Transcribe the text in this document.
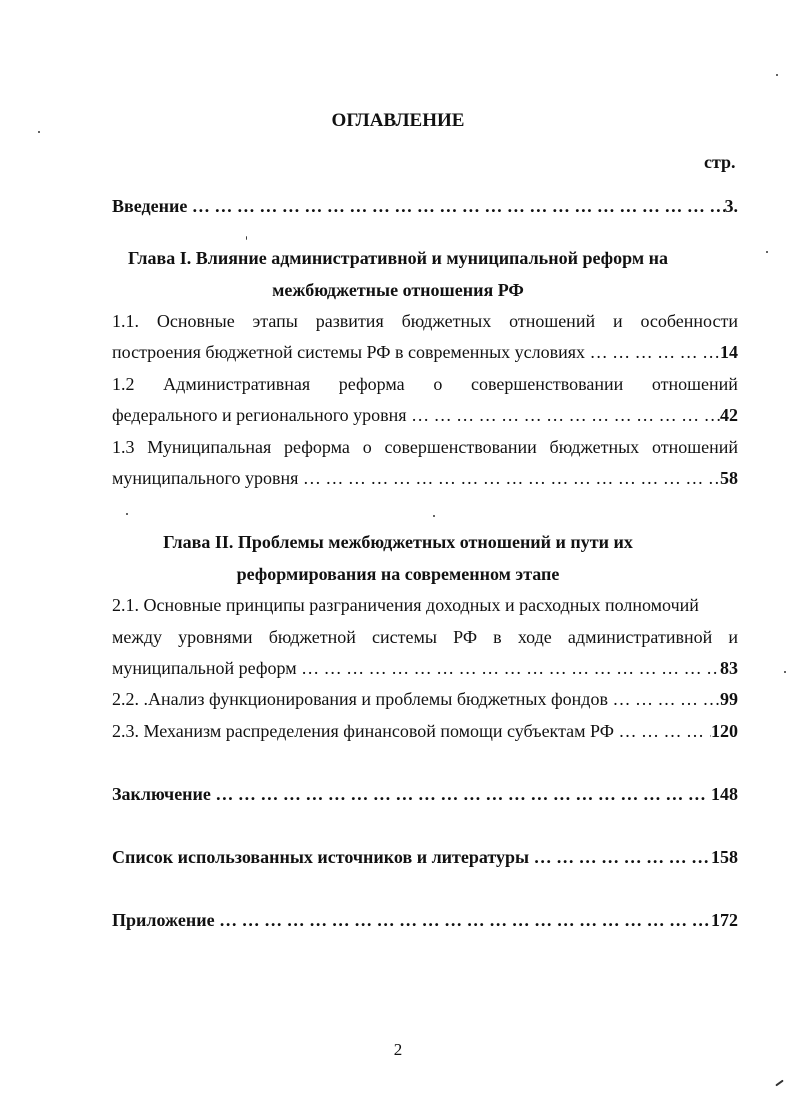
ОГЛАВЛЕНИЕ
стр.
Введение … … … … … … … … … … … … … … … … … … … … … … … … … … … … … … … … … … … … … … … … … …	3.
Глава I. Влияние административной и муниципальной реформ на
межбюджетные отношения РФ
1.1. Основные этапы развития бюджетных отношений и особенности
построения бюджетной системы РФ в современных условиях … … … … … … … … … … … … … … … … … … … … … … … … … … … … … … … … … … … … … … … … … …	14
1.2 Административная реформа о совершенствовании отношений
федерального и регионального уровня … … … … … … … … … … … … … … … … … … … … … … … … … … … … … … … … … … … … … … … … … …	42
1.3 Муниципальная реформа о совершенствовании бюджетных отношений
муниципального уровня … … … … … … … … … … … … … … … … … … … … … … … … … … … … … … … … … … … … … … … … … …	58
Глава II. Проблемы межбюджетных отношений и пути их
реформирования на современном этапе
2.1. Основные принципы разграничения доходных и расходных полномочий
между уровнями бюджетной системы РФ в ходе административной и
муниципальной реформ … … … … … … … … … … … … … … … … … … … … … … … … … … … … … … … … … … … … … … … … … …	83
2.2. .Анализ функционирования и проблемы бюджетных фондов … … … … … … … … … … … … … … … … … … … … … … … … … … … … … … … … … … … … … … … … … …	99
2.3. Механизм распределения финансовой помощи субъектам РФ … … … … … … … … … … … … … … … … … … … … … … … … … … … … … … … … … … … … … … … … … …	120
Заключение … … … … … … … … … … … … … … … … … … … … … … … … … … … … … … … … … … … … … … … … … …	148
Список использованных источников и литературы … … … … … … … … … … … … … … … … … … … … … … … … … … … … … … … … … … … … … … … … … …	158
Приложение … … … … … … … … … … … … … … … … … … … … … … … … … … … … … … … … … … … … … … … … … …	172
2
